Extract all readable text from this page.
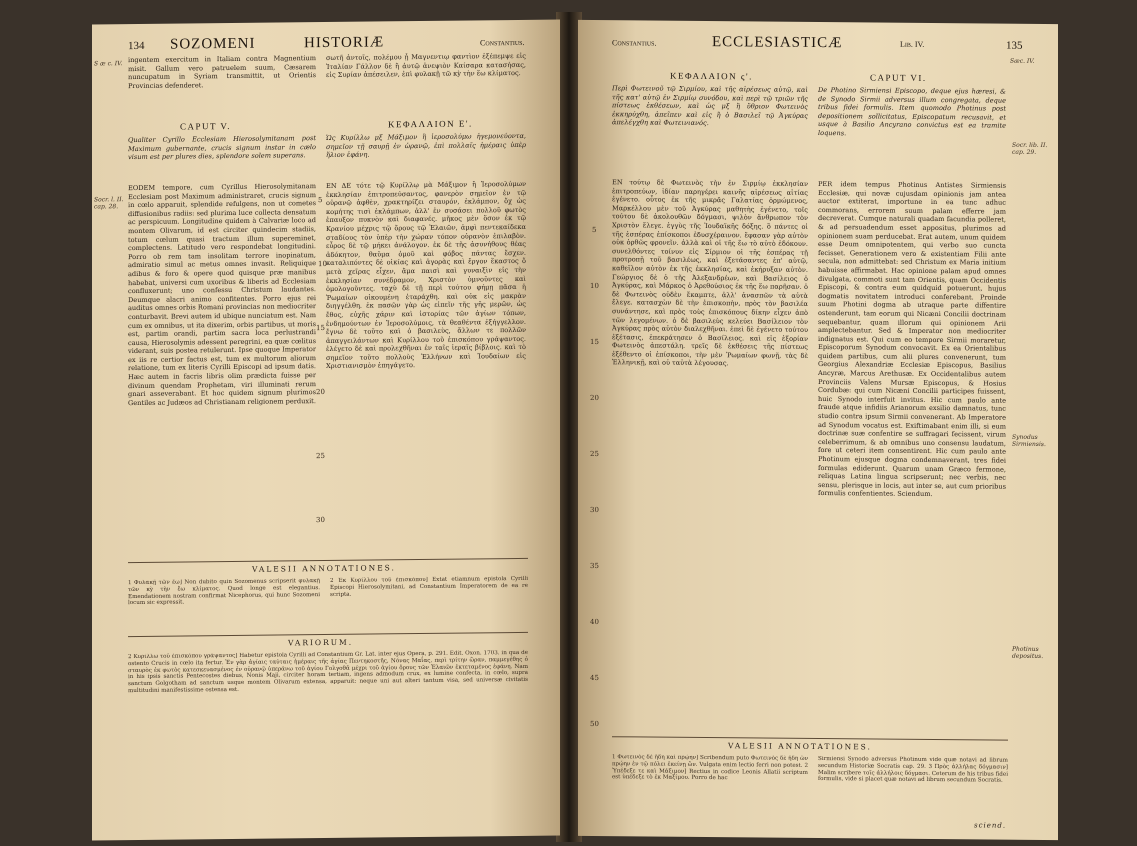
134 SOZOMENI	HISTORIÆ	Constantius.
S æ c. IV. ingentem exercitum in Italiam contra Magnentium misit. Gallum vero patruelem suum, Cæsarem nuncupatum in Syriam transmittit, ut Orientis Provincias defenderet.
σωτῆ ἀντοῖς, πολέμου ᾗ Μαγνεντιῳ φαντὶον ἐξέπεμψε εἰς Ἰταλίαν Γάλλον δὲ ἢ ἀυτῷ ἀνεψιὸν Καίσαρα κατασήσας, εἰς Συρίαν ἀπέσειλεν, ἐπὶ φυλακῇ τῶ κỳ τὴν ἕω κλίματος.
CAPUT V.	ΚΕΦΑΛΑΙΟΝ Ε'.
Qualiter Cyrillo Ecclesiam Hierosolymitanam post Maximum gubernante, crucis signum instar in cælo visum est per plures dies, splendore solem superans.
Ὡς Κυρίλλω μξ Μάξιμον ἢ ἱεροσολύμω ἡγεμονεύοντα, σημεῖον τῇ σαυρῇ ἐν ὠρανῷ, ἐπὶ πολλαῖς ἡμέραις ὑπὲρ ἥλιον ἐφάνη.
Socr. l. II. cap. 28.
EODEM tempore, cum Cyrillus Hierosolymitanam Ecclesiam post Maximum administraret, crucis signum in cœlo apparuit, splendide refulgens, non ut cometes diffusionibus radiis: sed plurima luce collecta densatum ac perspicuum. Longitudine quidem à Calvariæ loco ad montem Olivarum, id est circiter quindecim stadiis, totum cœlum quasi tractum illum supereminet, complectens. Latitudo vero respondebat longitudini. Porro ob rem tam insolitam terrore inopinatum, admiratio simul ac metus omnes invasit. Reliquique adibus & foro & opere quod quisque præ manibus habebat, universi cum uxoribus & liberis ad Ecclesiam confluxerunt; uno confessu Christum laudantes. Deumque alacri animo confitentes. Porro ejus rei auditus omnes orbis Romani provincias non mediocriter conturbavit. Brevi autem id ubique nunciatum est. Nam cum ex omnibus, ut ita dixerim, orbis partibus, ut moris est, partim orandi, partim sacra loca perlustrandi causa, Hierosolymis adessent peregrini, ea quæ cœlitus viderant, suis postea retulerunt. Ipse quoque Imperator ex iis re certior factus est, tum ex multorum aliorum relatione, tum ex literis Cyrilli Episcopi ad ipsum datis. Hæc autem in facris libris olim prædicta fuisse per divinum quendam Prophetam, viri illuminati rerum gnari asseverabant. Et hoc quidem signum plurimos Gentiles ac Judæos ad Christianam religionem perduxit.
ΕΝ ΔΕ τότε τῷ Κυρίλλῳ μὰ Μάξιμον ἢ Ἱεροσολύμων ἐκκλησίαν ἐπιτροπεύσαντος, φανερὸν σημεῖον ἐν τῷ οὐρανῷ ἀφθὲν, χρακτηρίζει σταυρόν, ἐκλάμπον, ὄχ ὡς κομήτης τισὶ ἐκλάμπων, ἀλλ' ἐν συσάσει πολλοῦ φωτὸς ἐπαυξον πυκνὸν καὶ διαφανές. μῆκος μὲν ὅσον ἐκ τῷ Κρανίου μέχρις τῷ ὄρους τῷ Ἐλαιῶν, ἀμφὶ πεντεκαίδεκα σταδίους τὸν ὑπὲρ τὴν χώραν τόπον οὐρανὸν ἐπιλαβὸν. εὖρος δὲ τῷ μήκει ἀνάλογον. ἐκ δὲ τῆς ἀσυνήθους θέας ἀδόκητον, θαῦμα ὁμοῦ καὶ φόβος πάντας ἔσχεν. καταλιπόντες δὲ οἰκίας καὶ ἀγορὰς καὶ ἔργον ἕκαστος ὅ μετὰ χεῖρας εἶχεν, ἅμα παισὶ καὶ γυναιξὶν εἰς τὴν ἐκκλησίαν συνέδραμον, Χριστὸν ὑμνοῦντες καὶ ὁμολογοῦντες. ταχὺ δὲ τῇ περὶ τούτου φήμῃ πᾶσα ἡ Ῥωμαίων οἰκουμένη ἐταράχθη. καὶ οὐκ εἰς μακρὰν διηγγέλθη. ἐκ πασῶν γὰρ ὡς εἰπεῖν τῆς γῆς μερῶν, ὡς ἔθος, εὐχῆς χάριν καὶ ἱστορίας τῶν ἁγίων τόπων, ἐνδημούντων ἐν Ἱεροσολύμοις, τὰ θεαθέντα ἐξήγγελλον. ἔγνω δὲ τοῦτο καὶ ὁ βασιλεὺς, ἄλλων τε πολλῶν ἀπαγγειλάντων καὶ Κυρίλλου τοῦ ἐπισκόπου γράψαντος. ἐλέγετο δὲ καὶ προλεχθῆναι ἐν ταῖς ἱεραῖς βίβλοις. καὶ τὸ σημεῖον τοῦτο πολλοὺς Ἑλλήνων καὶ Ἰουδαίων εἰς Χριστιανισμὸν ἐπηγάγετο.
5
10
15
20
25
30
VALESII ANNOTATIONES.
1 Φυλακῇ τῶν ἕω] Non dubito quin Sozomenus scripserit φυλακῇ τῶν κỳ τὴν ἕω κλίματος. Quod longe est elegantius. Emendationem nostram confirmat Nicephorus, qui hunc Sozomeni locum sic expressit.
2 Ἐκ Κυρίλλου τοῦ ἐπισκόπου] Extat etiamnum epistola Cyrilli Episcopi Hierosolymitani, ad Constantium Imperatorem de ea re scripta.
VARIORUM.
2 Κυρίλλω τοῦ ἐπισκόπου γράψαντος] Habetur epistola Cyrilli ad Constantium Gr. Lat. inter ejus Opera, p. 291. Edit. Oxon. 1703. in qua de ostento Crucis in cœlo ita fertur. Ἐν γὰρ ἁγίαις ταύταις ἡμέραις τῆς ἁγίας Πεντηκοστῆς, Νόνας Μαΐας, περὶ τρίτην ὥραν, παμμεγέθης ὁ σταυρὸς ἐκ φωτὸς κατεσκευασμένος ἐν οὐρανῷ ὑπεράνω τοῦ ἁγίου Γολγοθᾶ μέχρι τοῦ ἁγίου ὄρους τῶν Ἐλαιῶν ἐκτεταμένος ἐφάνη. Nam in his ipsis sanctis Pentecostes diebus, Nonis Maji, circiter horam tertiam, ingens admodum crux, ex lumine confecta, in cœlo, supra sanctum Golgotham ad sanctum usque montem Olivarum extensa, apparuit: neque uni aut alteri tantum visa, sed universæ civitatis multitudini manifestissime ostensa est.
Constantius.	ECCLESIASTICÆ	Lib. IV.	135
Sæc. IV.
ΚΕΦΑΛΑΙΟΝ ς'.	CAPUT VI.
Περὶ Φωτεινοῦ τῷ Σιρμίου, καὶ τῆς αἱρέσεως αὐτῷ, καὶ τῆς κατ' αὐτῷ ἐν Σιρμίῳ συνόδου, καὶ περὶ τῷ τριῶν τῆς πίστεως ἐκθέσεων, καὶ ὡς μξ ἢ ὕθριον Φωτεινὸς ἐκκηρύχθη, ἀπεῖπεν καὶ εἰς ἢ ὁ Βασιλεῖ τῷ Ἀγκύρας ἀπελέγχθη καὶ Φωτεινιανός.
De Photino Sirmiensi Episcopo, deque ejus hæresi, & de Synodo Sirmii adversus illum congregata, deque tribus fidei formulis. Item quomodo Photinus post depositionem sollicitatus, Episcopatum recusavit, et usque à Basilio Ancyrano convictus est ea tramite loquens.
Socr. lib. II. cap. 29.
ΕΝ τούτῳ δὲ Φωτεινὸς τὴν ἐν Σιρμίῳ ἐκκλησίαν ἐπιτροπεύων, ἰδίαν παρηγέρει καινῆς αἱρέσεως αἰτίας ἐγένετο. οὗτος ἐκ τῆς μικρᾶς Γαλατίας ὁρμώμενος, Μαρκέλλου μὲν τοῦ Ἀγκύρας μαθητὴς ἐγένετο, τοῖς τούτου δὲ ἀκολουθῶν δόγμασι, ψιλὸν ἄνθρωπον τὸν Χριστὸν ἔλεγε. ἐγγὺς τῆς Ἰουδαϊκῆς δόξης. ὃ πάντες οἱ τῆς ἑσπέρας ἐπίσκοποι ἐδυσχέραινον. ἔφασαν γὰρ αὐτὸν οὐκ ὀρθῶς φρονεῖν. ἀλλὰ καὶ οἱ τῆς ἕω τὸ αὐτὸ ἐδόκουν. συνελθόντες τοίνυν εἰς Σίρμιον οἱ τῆς ἑσπέρας τῇ προτροπῇ τοῦ βασιλέως, καὶ ἐξετάσαντες ἐπ' αὐτῷ, καθεῖλον αὐτὸν ἐκ τῆς ἐκκλησίας, καὶ ἐκήρυξαν αὐτὸν. Γεώργιος δὲ ὁ τῆς Ἀλεξανδρέων, καὶ Βασίλειος ὁ Ἀγκύρας, καὶ Μάρκος ὁ Ἀρεθούσιος ἐκ τῆς ἕω παρῆσαν. ὁ δὲ Φωτεινὸς οὐδὲν ἔκαμπτε, ἀλλ' ἀνασπῶν τὰ αὐτὰ ἔλεγε. κατασχὼν δὲ τὴν ἐπισκοπὴν, πρὸς τὸν βασιλέα συνάντησε, καὶ πρὸς τοὺς ἐπισκόπους δίκην εἶχεν ἀπὸ τῶν λεγομένων. ὁ δὲ βασιλεὺς κελεύει Βασίλειον τὸν Ἀγκύρας πρὸς αὐτὸν διαλεχθῆναι. ἐπεὶ δὲ ἐγένετο τούτου ἐξέτασις, ἐπεκράτησεν ὁ Βασίλειος. καὶ εἰς ἐξορίαν Φωτεινὸς ἀπεστάλη. τρεῖς δὲ ἐκθέσεις τῆς πίστεως ἐξέθεντο οἱ ἐπίσκοποι, τὴν μὲν Ῥωμαίων φωνῇ, τὰς δὲ Ἑλληνικῇ, καὶ οὐ ταὐτὰ λέγουσας.
PER idem tempus Photinus Antistes Sirmiensis Ecclesiæ, qui novæ cujusdam opinionis jam antea auctor extiterat, importune in ea tunc adhuc commorans, errorem suum palam efferre jam decreverat. Cumque naturali quadam facundia polleret, & ad persuadendum esset appositus, plurimos ad opinionem suam perducebat. Erat autem, unum quidem esse Deum omnipotentem, qui verbo suo cuncta fecisset. Generationem vero & existentiam Filii ante secula, non admittebat: sed Christum ex Maria initium habuisse affirmabat. Hac opinione palam apud omnes divulgata, commoti sunt tam Orientis, quam Occidentis Episcopi, & contra eum quidquid potuerunt, hujus dogmatis novitatem introduci conferebant. Proinde suum Photini dogma ab utraque parte diffentire ostenderunt, tam eorum qui Nicæni Concilii doctrinam sequebantur, quam illorum qui opinionem Arii amplectebantur. Sed & Imperator non mediocriter indignatus est. Qui cum eo tempore Sirmii moraretur, Episcoporum Synodum convocavit. Ex ea Orientalibus quidem partibus, cum alii plures convenerunt, tum Georgius Alexandriæ Ecclesiæ Episcopus, Basilius Ancyræ, Marcus Arethusæ. Ex Occidentalibus autem Provinciis Valens Mursæ Episcopus, & Hosius Cordubæ: qui cum Nicæni Concilii participes fuissent, huic Synodo interfuit invitus. Hic cum paulo ante fraude atque infidiis Arianorum exsilio damnatus, tunc studio contra ipsum Sirmii convenerant. Ab Imperatore ad Synodum vocatus est. Exiftimabant enim illi, si eum doctrinæ suæ confentire se suffragari fecissent, virum celeberrimum, & ab omnibus uno consensu laudatum, fore ut ceteri item consentirent. Hic cum paulo ante Photinum ejusque dogma condemnaverant, tres fidei formulas ediderunt. Quarum unam Græco fermone, reliquas Latina lingua scripserunt; nec verbis, nec sensu, plerisque in locis, aut inter se, aut cum prioribus formulis confentientes. Sciendum.
Synodus Sirmiensis.
Photinus depositus.
5
10
15
20
25
30
35
40
45
50
VALESII ANNOTATIONES.
1 Φωτεινὸς δὲ ἤδη καὶ πρῴην] Scribendum puto Φωτεινὸς δὲ ἤδη ὢν πρῴην ἐν τῷ πόλει ἐκείνῃ ὢν. Vulgata enim lectio ferri non potest. 2 Ὑπέδεξε τε καὶ Μάξιμον] Rectius in codice Leonis Allatii scriptum est ὑπέδεξε τὸ ἐκ Μαξίμου. Porro de hac
Sirmiensi Synodo adversus Photinum vide quæ notavi ad librum secundum Historiæ Socratis cap. 29. 3 Πρὸς ἀλλήλας δόγμασιν] Malim scribere τοῖς ἀλλήλοις δόγμασι. Ceterum de his tribus fidei formulis, vide si placet quæ notavi ad librum secundum Socratis.
sciend.
